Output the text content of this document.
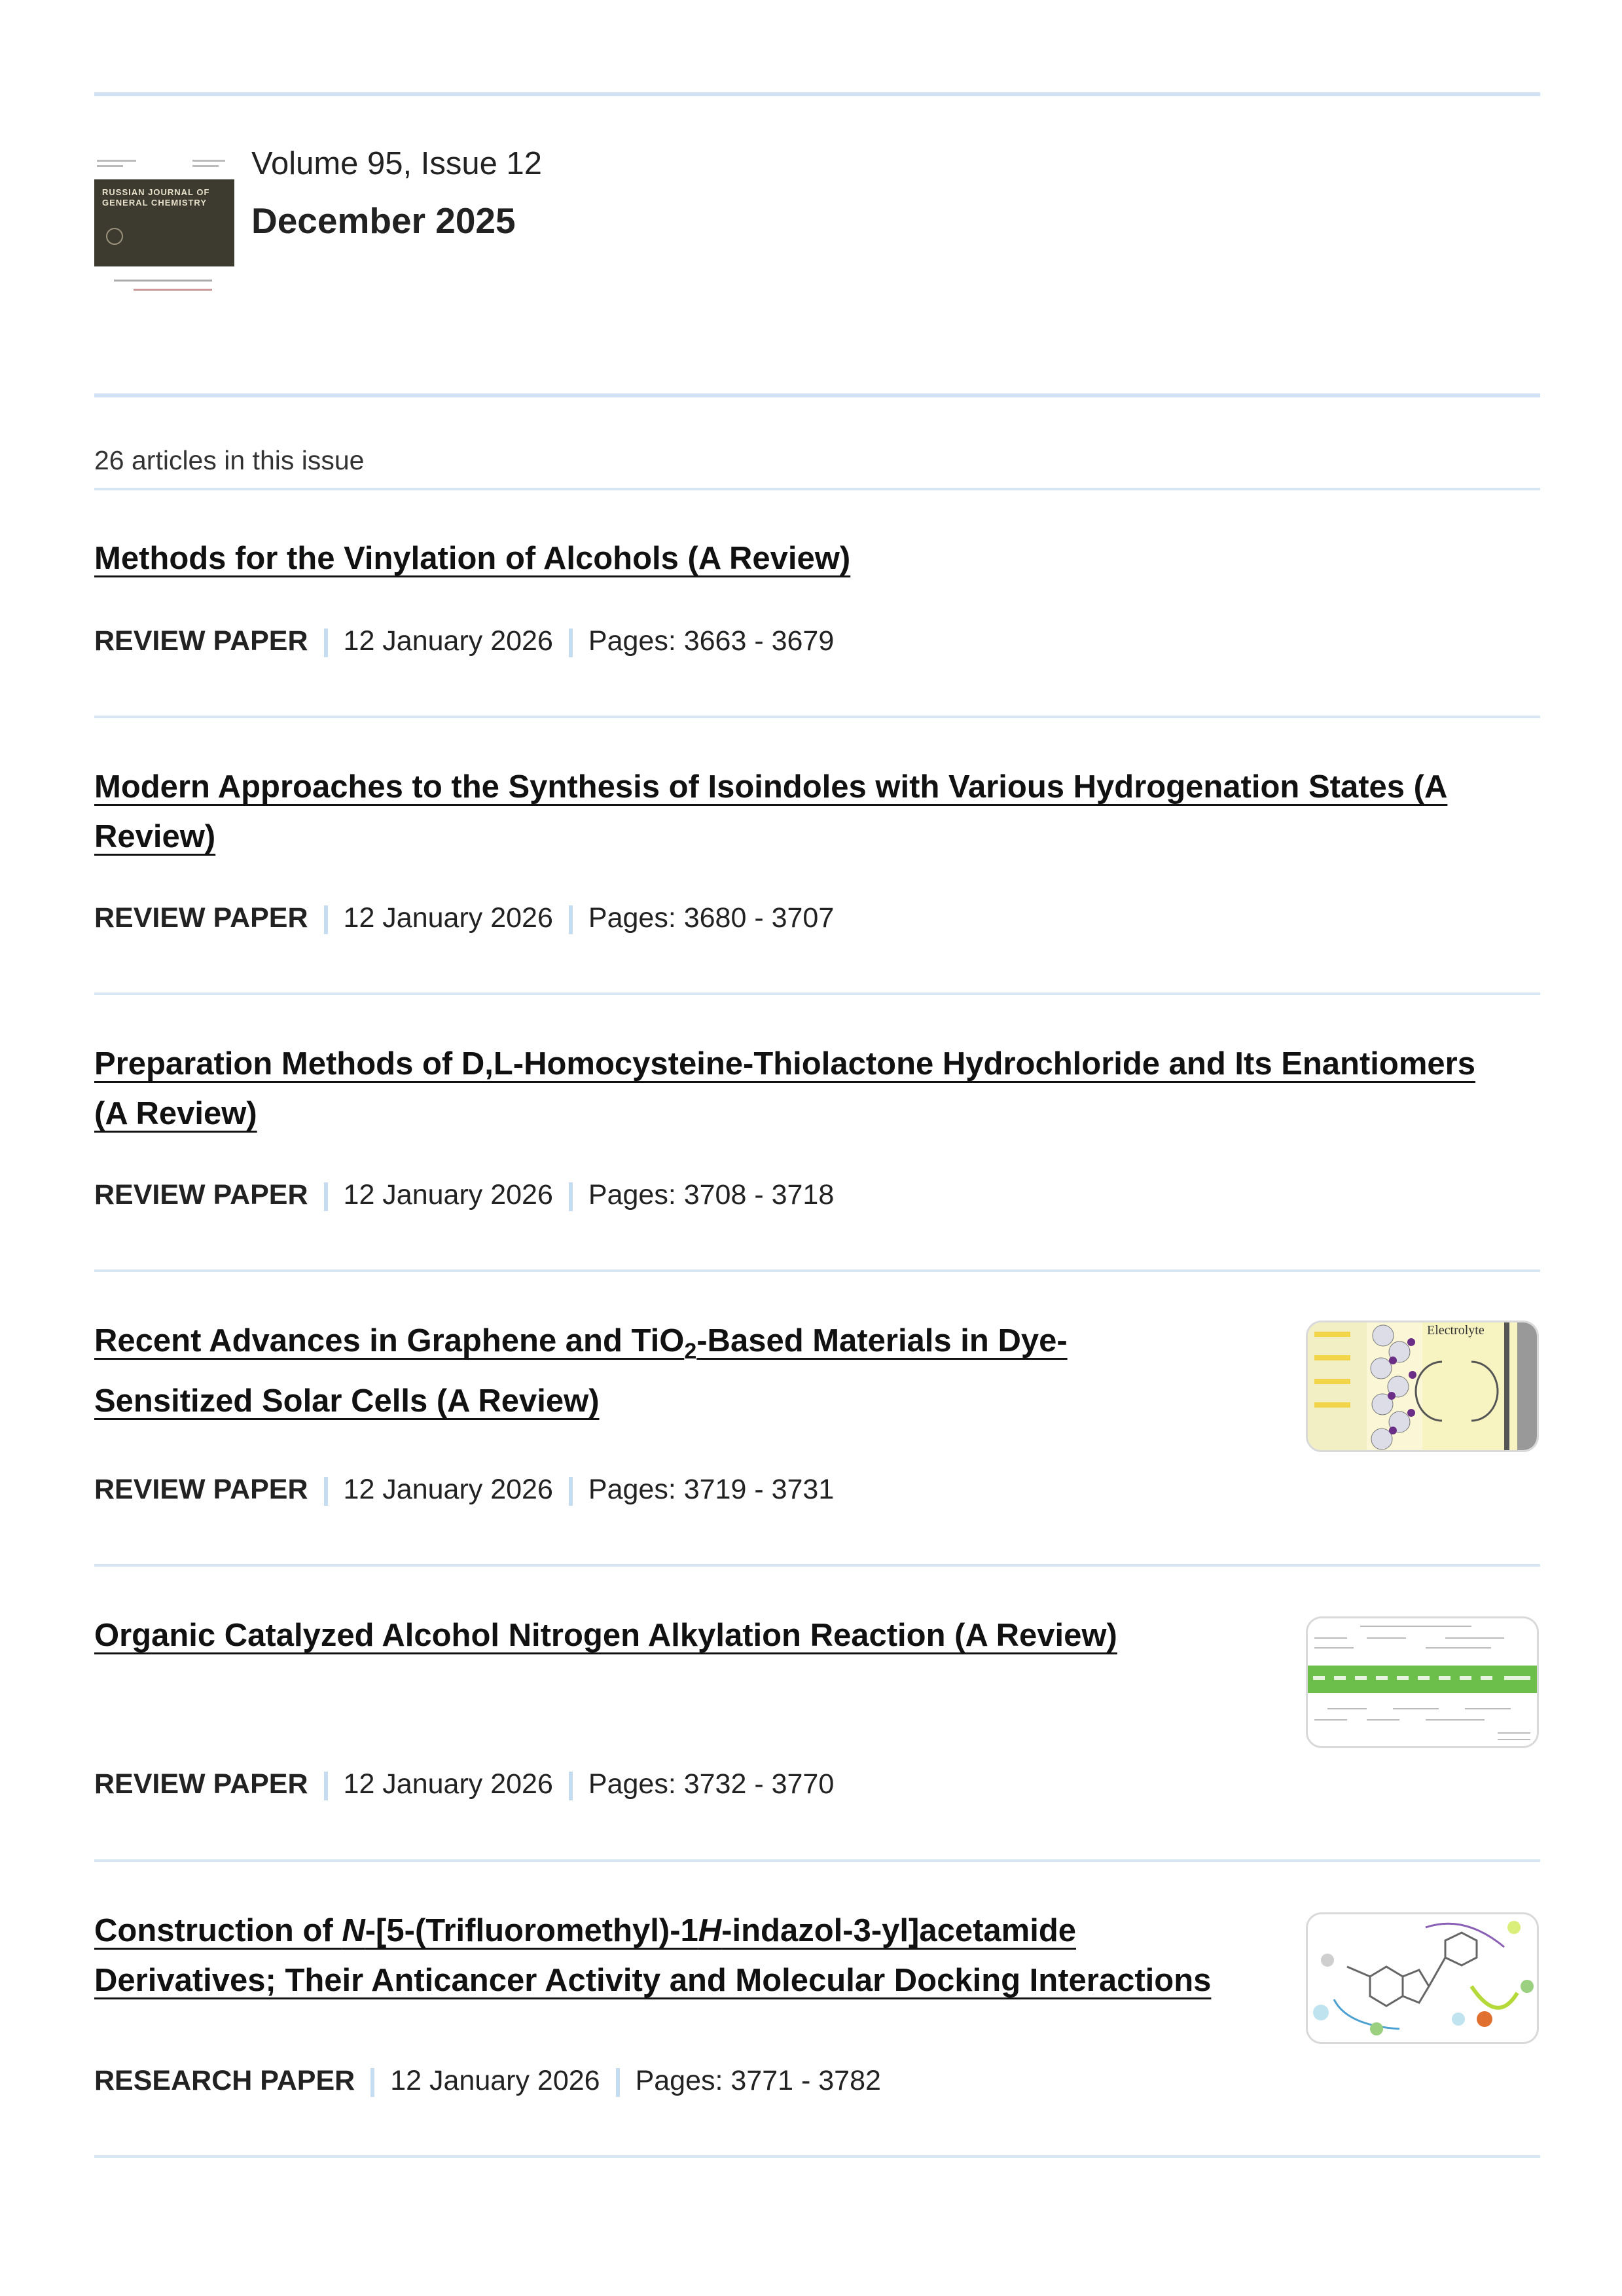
RUSSIAN JOURNAL OF GENERAL CHEMISTRY
Volume 95, Issue 12
December 2025
26 articles in this issue
Methods for the Vinylation of Alcohols (A Review)
REVIEW PAPER 12 January 2026 Pages: 3663 - 3679
Modern Approaches to the Synthesis of Isoindoles with Various Hydrogenation States (A
Review)
REVIEW PAPER 12 January 2026 Pages: 3680 - 3707
Preparation Methods of D,L-Homocysteine-Thiolactone Hydrochloride and Its Enantiomers
(A Review)
REVIEW PAPER 12 January 2026 Pages: 3708 - 3718
Recent Advances in Graphene and TiO$_2$-Based Materials in Dye-
Sensitized Solar Cells (A Review)
Electrolyte
REVIEW PAPER 12 January 2026 Pages: 3719 - 3731
Organic Catalyzed Alcohol Nitrogen Alkylation Reaction (A Review)
REVIEW PAPER 12 January 2026 Pages: 3732 - 3770
Construction of N-[5-(Trifluoromethyl)-1H-indazol-3-yl]acetamide
Derivatives; Their Anticancer Activity and Molecular Docking Interactions
RESEARCH PAPER 12 January 2026 Pages: 3771 - 3782
